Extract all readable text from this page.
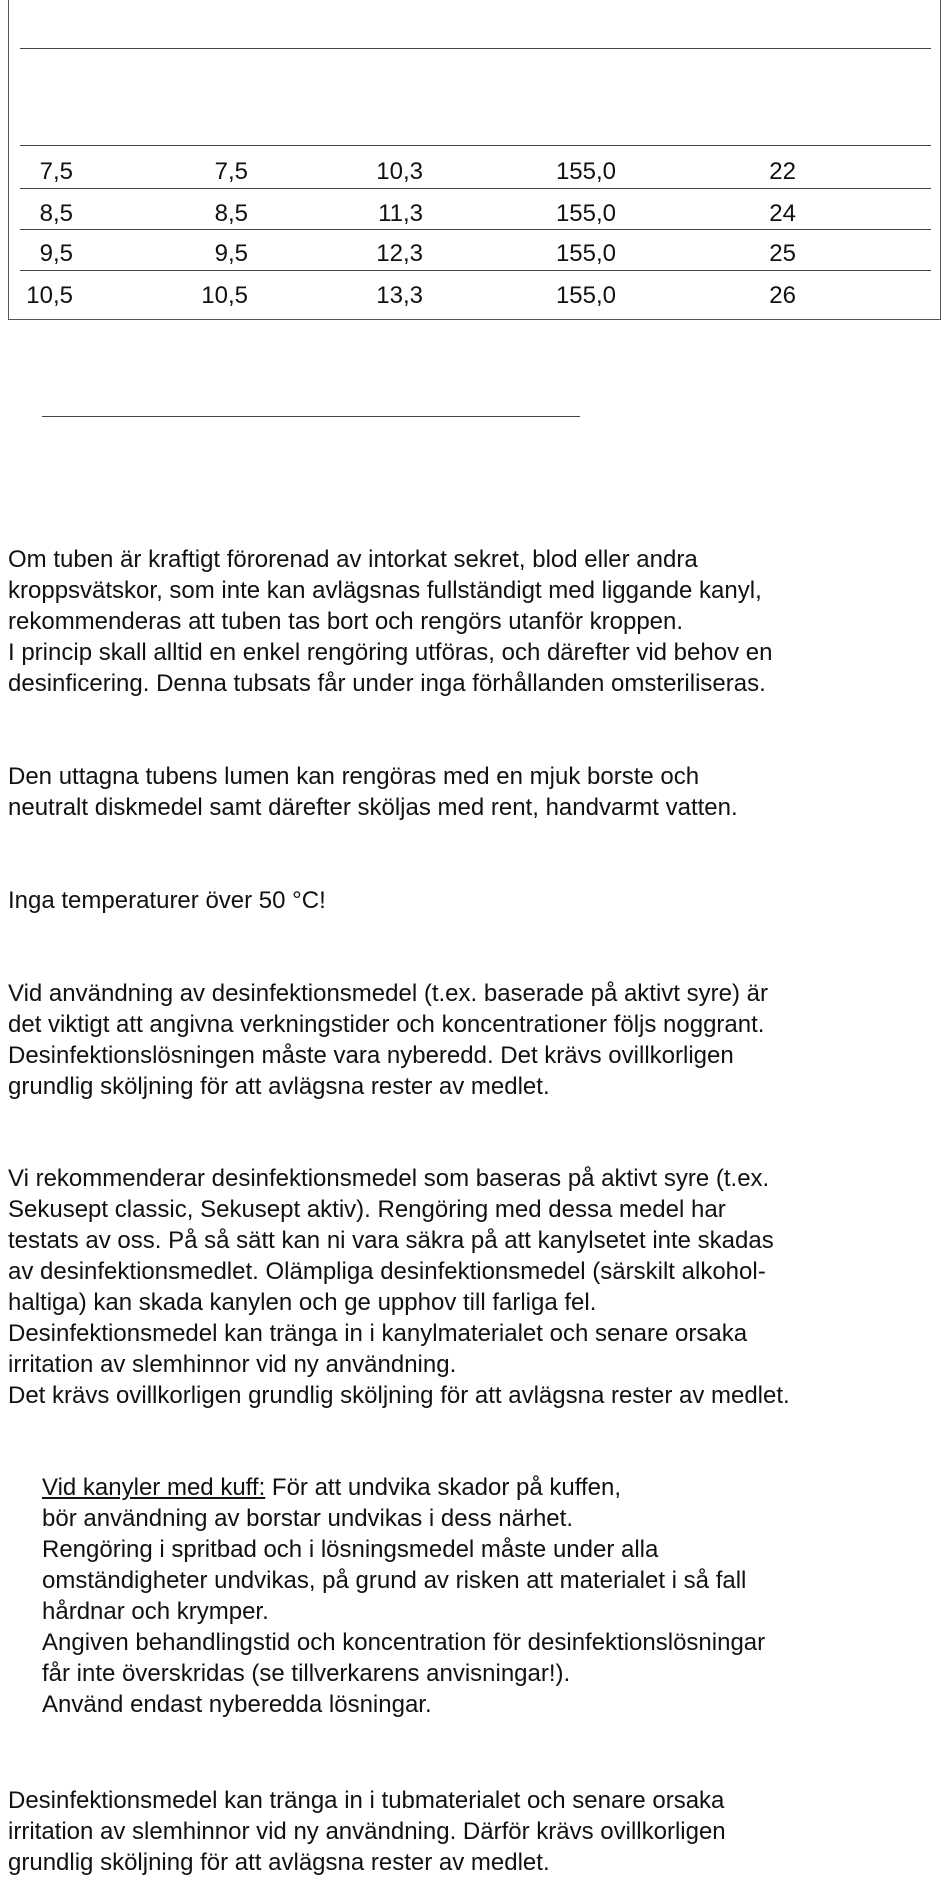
7,5	7,5	10,3	155,0	22
8,5	8,5	11,3	155,0	24
9,5	9,5	12,3	155,0	25
10,5	10,5	13,3	155,0	26
Om tuben är kraftigt förorenad av intorkat sekret, blod eller andra
kroppsvätskor, som inte kan avlägsnas fullständigt med liggande kanyl,
rekommenderas att tuben tas bort och rengörs utanför kroppen.
I princip skall alltid en enkel rengöring utföras, och därefter vid behov en
desinficering. Denna tubsats får under inga förhållanden omsteriliseras.
Den uttagna tubens lumen kan rengöras med en mjuk borste och
neutralt diskmedel samt därefter sköljas med rent, handvarmt vatten.
Inga temperaturer över 50 °C!
Vid användning av desinfektionsmedel (t.ex. baserade på aktivt syre) är
det viktigt att angivna verkningstider och koncentrationer följs noggrant.
Desinfektionslösningen måste vara nyberedd. Det krävs ovillkorligen
grundlig sköljning för att avlägsna rester av medlet.
Vi rekommenderar desinfektionsmedel som baseras på aktivt syre (t.ex.
Sekusept classic, Sekusept aktiv). Rengöring med dessa medel har
testats av oss. På så sätt kan ni vara säkra på att kanylsetet inte skadas
av desinfektionsmedlet. Olämpliga desinfektionsmedel (särskilt alkohol-
haltiga) kan skada kanylen och ge upphov till farliga fel.
Desinfektionsmedel kan tränga in i kanylmaterialet och senare orsaka
irritation av slemhinnor vid ny användning.
Det krävs ovillkorligen grundlig sköljning för att avlägsna rester av medlet.
Vid kanyler med kuff: För att undvika skador på kuffen,
bör användning av borstar undvikas i dess närhet.
Rengöring i spritbad och i lösningsmedel måste under alla
omständigheter undvikas, på grund av risken att materialet i så fall
hårdnar och krymper.
Angiven behandlingstid och koncentration för desinfektionslösningar
får inte överskridas (se tillverkarens anvisningar!).
Använd endast nyberedda lösningar.
Desinfektionsmedel kan tränga in i tubmaterialet och senare orsaka
irritation av slemhinnor vid ny användning. Därför krävs ovillkorligen
grundlig sköljning för att avlägsna rester av medlet.
